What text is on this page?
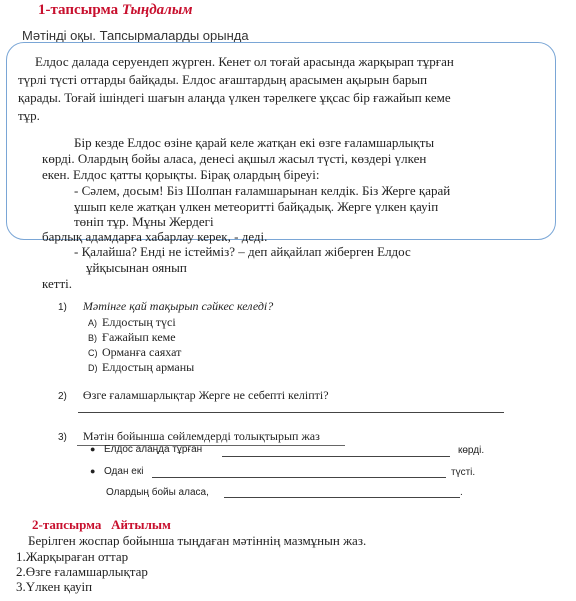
1-тапсырма Тыңдалым
Мәтінді оқы. Тапсырмаларды орында
Елдос далада серуендеп жүрген. Кенет ол тоғай арасында жарқырап тұрған
түрлі түсті оттарды байқады. Елдос ағаштардың арасымен ақырын барып
қарады. Тоғай ішіндегі шағын алаңда үлкен тәрелкеге ұқсас бір ғажайып кеме
тұр.
Бір кезде Елдос өзіне қарай келе жатқан екі өзге ғаламшарлықты
көрді. Олардың бойы аласа, денесі ақшыл жасыл түсті, көздері үлкен
екен. Елдос қатты қорықты. Бірақ олардың біреуі:
- Сәлем, досым! Біз Шолпан ғаламшарынан келдік. Біз Жерге қарай
ұшып келе жатқан үлкен метеоритті байқадық. Жерге үлкен қауіп
төніп тұр. Мұны Жердегі
барлық адамдарға хабарлау керек, - деді.
- Қалайша? Енді не істейміз? – деп айқайлап жіберген Елдос
ұйқысынан оянып
кетті.
1) Мәтінге қай тақырып сәйкес келеді?
A) Елдостың түсі
B) Ғажайып кеме
C) Орманға саяхат
D) Елдостың арманы
2) Өзге ғаламшарлықтар Жерге не себепті келіпті?
3) Мәтін бойынша сөйлемдерді толықтырып жаз
● Елдос алаңда тұрған	көрді.
● Одан екі	түсті.
Олардың бойы аласа,	.
2-тапсырма Айтылым
Берілген жоспар бойынша тыңдаған мәтіннің мазмұнын жаз.
1.Жарқыраған оттар
2.Өзге ғаламшарлықтар
3.Үлкен қауіп
